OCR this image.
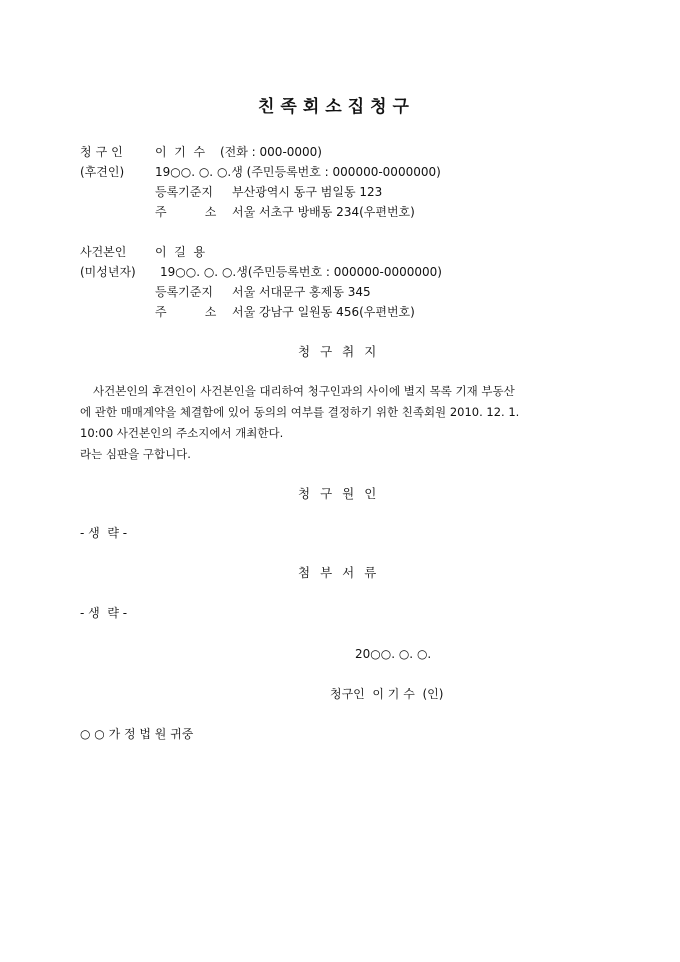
친족회소집청구
청구인 이  기  수 (전화 : 000-0000)
(후견인)	19○○. ○. ○.생 (주민등록번호 : 000000-0000000)
등록기준지 부산광역시 동구 범일동 123
주          소 서울 서초구 방배동 234(우편번호)
사건본인 이  길  용
(미성년자) 19○○. ○. ○.생(주민등록번호 : 000000-0000000)
등록기준지 서울 서대문구 홍제동 345
주          소 서울 강남구 일원동 456(우편번호)
청구취지
사건본인의 후견인이 사건본인을 대리하여 청구인과의 사이에 별지 목록 기재 부동산
에 관한 매매계약을 체결함에 있어 동의의 여부를 결정하기 위한 친족회원 2010. 12. 1.
10:00 사건본인의 주소지에서 개최한다.
라는 심판을 구합니다.
청구원인
- 생  략 -
첨부서류
- 생  략 -
20○○. ○. ○.
청구인  이 기 수  (인)
○ ○ 가 정 법 원 귀중
